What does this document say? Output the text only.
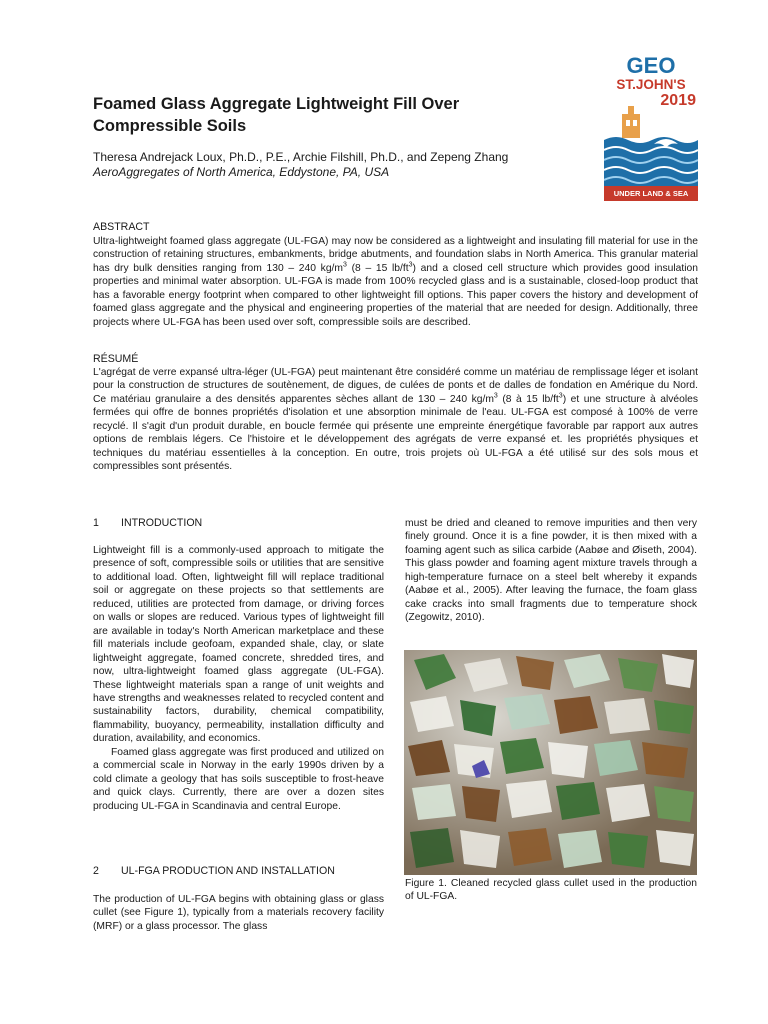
Foamed Glass Aggregate Lightweight Fill Over
Compressible Soils
Theresa Andrejack Loux, Ph.D., P.E., Archie Filshill, Ph.D., and Zepeng Zhang
AeroAggregates of North America, Eddystone, PA, USA
GEO
ST.JOHN'S
2019
UNDER LAND & SEA
ABSTRACT
Ultra-lightweight foamed glass aggregate (UL-FGA) may now be considered as a lightweight and insulating fill material for use in the construction of retaining structures, embankments, bridge abutments, and foundation slabs in North America. This granular material has dry bulk densities ranging from 130 – 240 $kg/m^3$ (8 – 15 $lb/ft^3$) and a closed cell structure which provides good insulation properties and minimal water absorption. UL-FGA is made from 100% recycled glass and is a sustainable, closed-loop product that has a favorable energy footprint when compared to other lightweight fill options. This paper covers the history and development of foamed glass aggregate and the physical and engineering properties of the material that are needed for design. Additionally, three projects where UL-FGA has been used over soft, compressible soils are described.
RÉSUMÉ
L'agrégat de verre expansé ultra-léger (UL-FGA) peut maintenant être considéré comme un matériau de remplissage léger et isolant pour la construction de structures de soutènement, de digues, de culées de ponts et de dalles de fondation en Amérique du Nord. Ce matériau granulaire a des densités apparentes sèches allant de 130 – 240 $kg/m^3$ (8 à 15 $lb/ft^3$) et une structure à alvéoles fermées qui offre de bonnes propriétés d'isolation et une absorption minimale de l'eau. UL-FGA est composé à 100% de verre recyclé. Il s'agit d'un produit durable, en boucle fermée qui présente une empreinte énergétique favorable par rapport aux autres options de remblais légers. Ce l'histoire et le développement des agrégats de verre expansé et. les propriétés physiques et techniques du matériau essentielles à la conception. En outre, trois projets où UL-FGA a été utilisé sur des sols mous et compressibles sont présentés.
1 INTRODUCTION
Lightweight fill is a commonly-used approach to mitigate the presence of soft, compressible soils or utilities that are sensitive to additional load. Often, lightweight fill will replace traditional soil or aggregate on these projects so that settlements are reduced, utilities are protected from damage, or driving forces on walls or slopes are reduced. Various types of lightweight fill are available in today's North American marketplace and these fill materials include geofoam, expanded shale, clay, or slate lightweight aggregate, foamed concrete, shredded tires, and now, ultra-lightweight foamed glass aggregate (UL-FGA). These lightweight materials span a range of unit weights and have strengths and weaknesses related to recycled content and sustainability factors, durability, chemical compatibility, flammability, buoyancy, permeability, installation difficulty and duration, availability, and economics.
Foamed glass aggregate was first produced and utilized on a commercial scale in Norway in the early 1990s driven by a cold climate a geology that has soils susceptible to frost-heave and quick clays. Currently, there are over a dozen sites producing UL-FGA in Scandinavia and central Europe.
2 UL-FGA PRODUCTION AND INSTALLATION
The production of UL-FGA begins with obtaining glass or glass cullet (see Figure 1), typically from a materials recovery facility (MRF) or a glass processor. The glass
must be dried and cleaned to remove impurities and then very finely ground. Once it is a fine powder, it is then mixed with a foaming agent such as silica carbide (Aabøe and Øiseth, 2004). This glass powder and foaming agent mixture travels through a high-temperature furnace on a steel belt whereby it expands (Aabøe et al., 2005). After leaving the furnace, the foam glass cake cracks into small fragments due to temperature shock (Zegowitz, 2010).
Figure 1. Cleaned recycled glass cullet used in the production of UL-FGA.
